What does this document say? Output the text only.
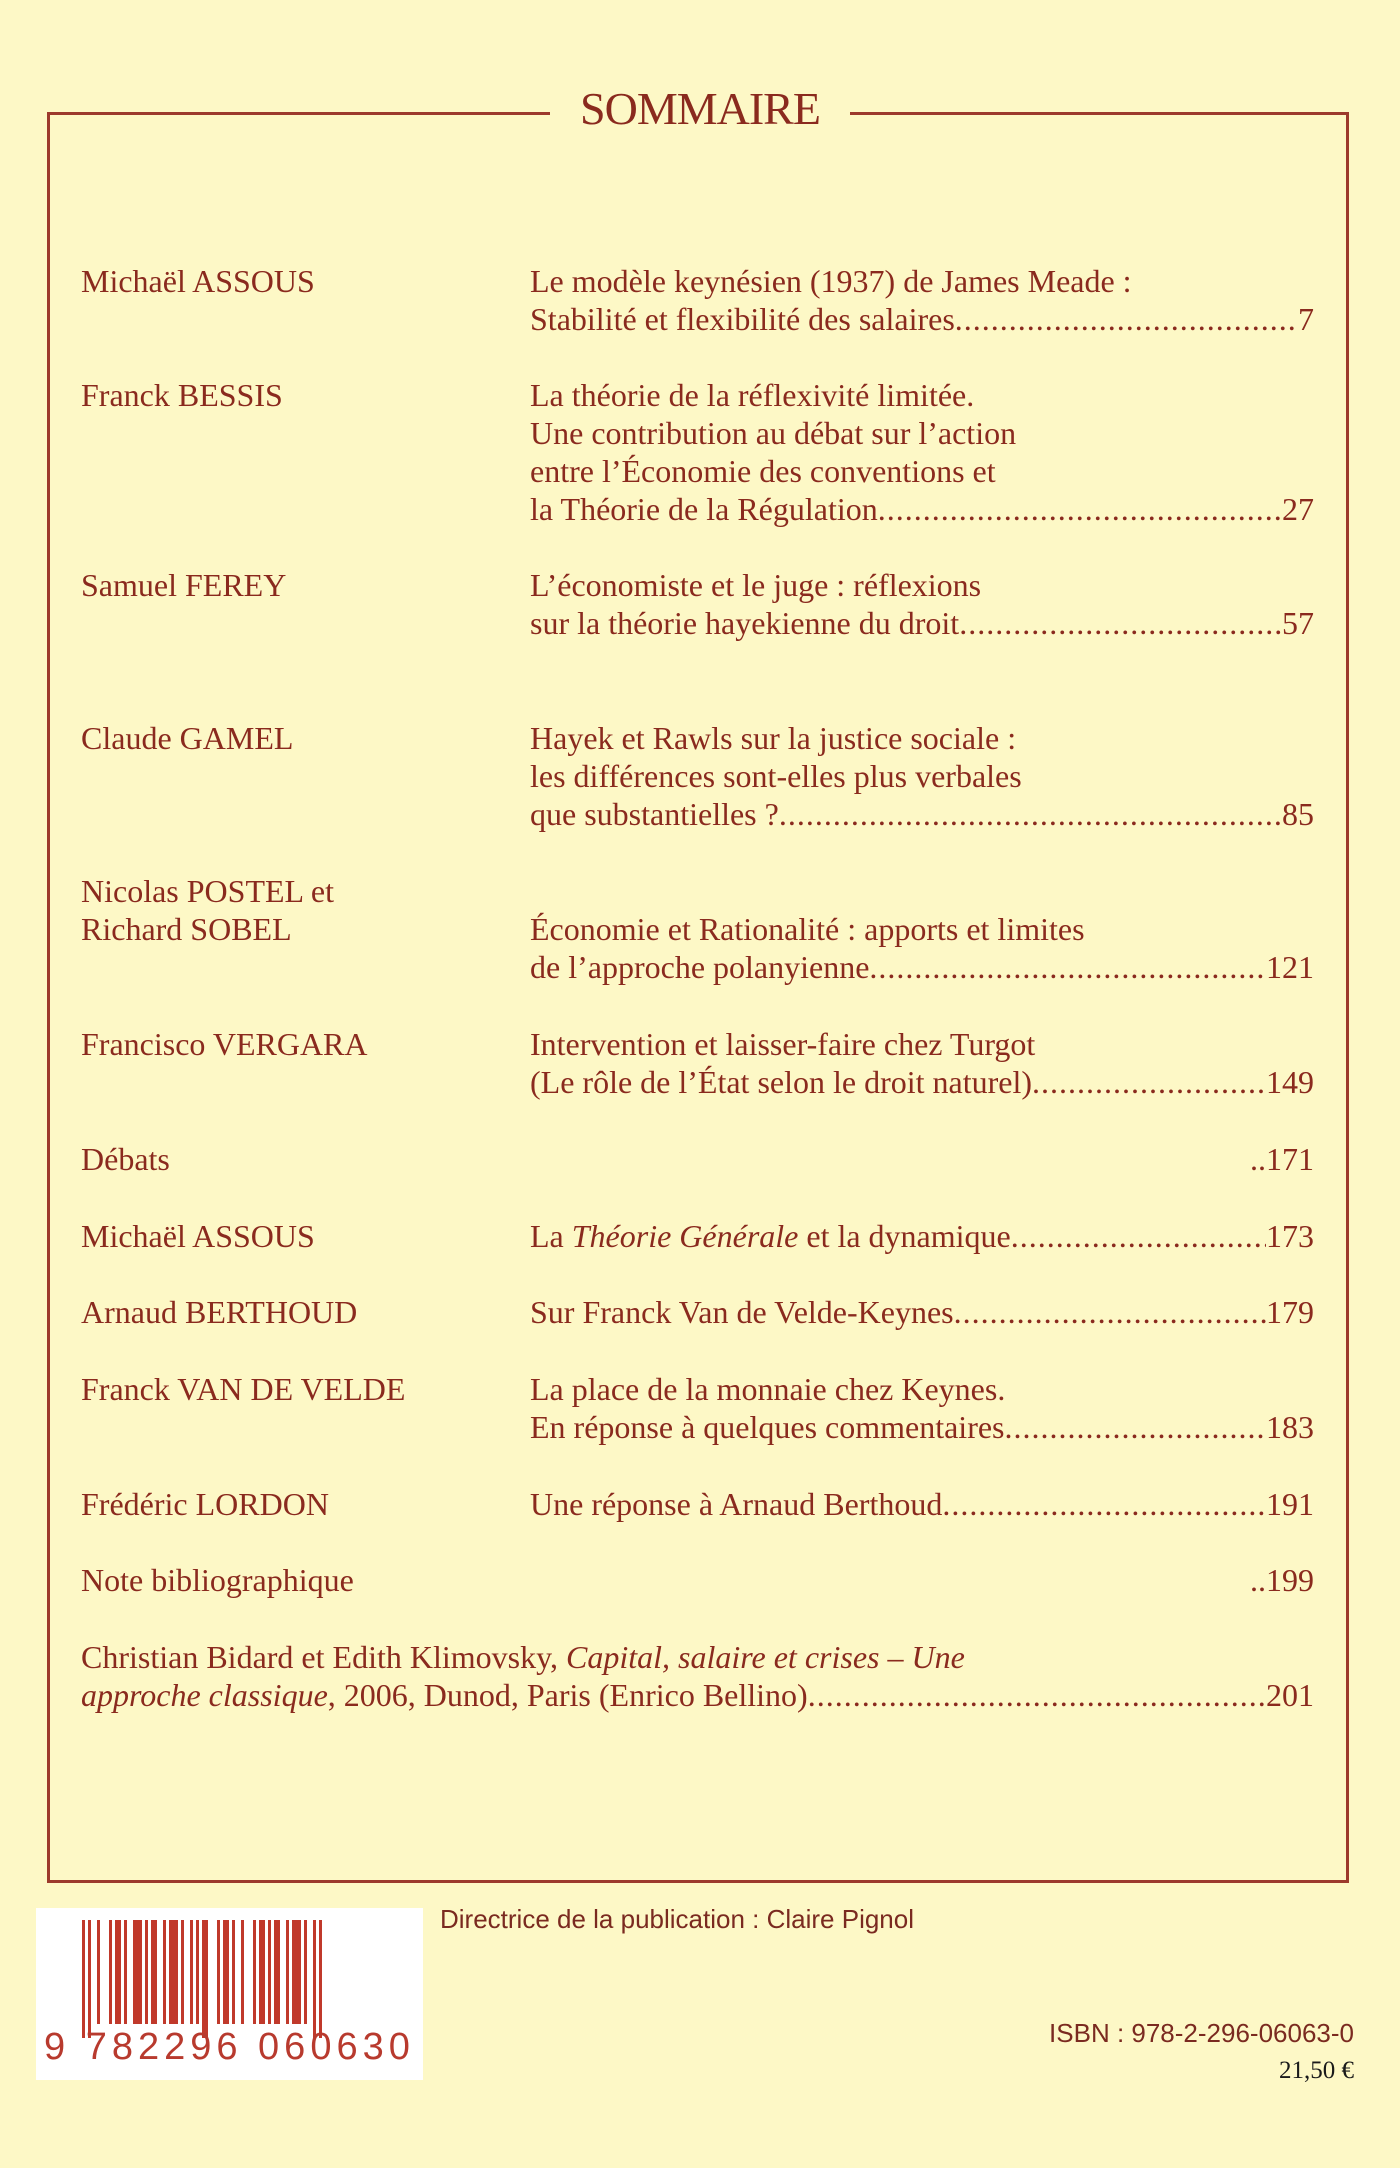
SOMMAIRE
Michaël ASSOUS	Le modèle keynésien (1937) de James Meade :
Stabilité et flexibilité des salaires .....	7
Franck BESSIS	La théorie de la réflexivité limitée.
Une contribution au débat sur l’action
entre l’Économie des conventions et
la Théorie de la Régulation .....	27
Samuel FEREY	L’économiste et le juge : réflexions
sur la théorie hayekienne du droit .....	57
Claude GAMEL	Hayek et Rawls sur la justice sociale :
les différences sont-elles plus verbales
que substantielles ? .....	85
Nicolas POSTEL et
Richard SOBEL	Économie et Rationalité : apports et limites
de l’approche polanyienne .....	121
Francisco VERGARA	Intervention et laisser-faire chez Turgot
(Le rôle de l’État selon le droit naturel) .....	149
Débats	..171
Michaël ASSOUS	La Théorie Générale et la dynamique .....	173
Arnaud BERTHOUD	Sur Franck Van de Velde-Keynes .....	179
Franck VAN DE VELDE	La place de la monnaie chez Keynes.
En réponse à quelques commentaires .....	183
Frédéric LORDON	Une réponse à Arnaud Berthoud .....	191
Note bibliographique	..199
Christian Bidard et Edith Klimovsky, Capital, salaire et crises – Une
approche classique, 2006, Dunod, Paris (Enrico Bellino) .....	201
Directrice de la publication : Claire Pignol
9 782296 060630	ISBN : 978-2-296-06063-0
21,50 €
